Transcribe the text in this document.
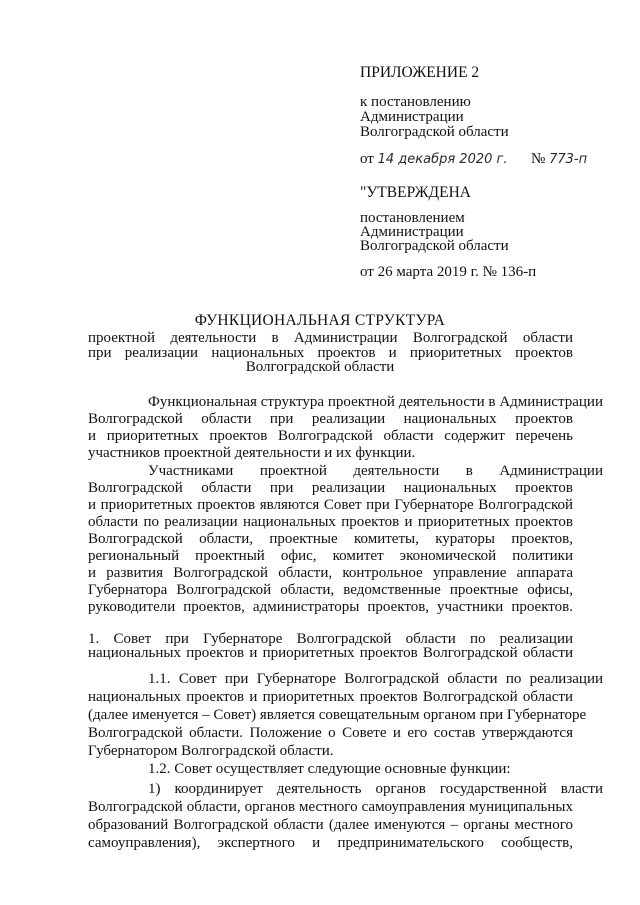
ПРИЛОЖЕНИЕ 2
к постановлению
Администрации
Волгоградской области
от 14 декабря 2020 г. № 773-п
"УТВЕРЖДЕНА
постановлением
Администрации
Волгоградской области
от 26 марта 2019 г. № 136-п
ФУНКЦИОНАЛЬНАЯ СТРУКТУРА
проектной деятельности в Администрации Волгоградской области
при реализации национальных проектов и приоритетных проектов
Волгоградской области
Функциональная структура проектной деятельности в Администрации
Волгоградской области при реализации национальных проектов
и приоритетных проектов Волгоградской области содержит перечень
участников проектной деятельности и их функции.
Участниками проектной деятельности в Администрации
Волгоградской области при реализации национальных проектов
и приоритетных проектов являются Совет при Губернаторе Волгоградской
области по реализации национальных проектов и приоритетных проектов
Волгоградской области, проектные комитеты, кураторы проектов,
региональный проектный офис, комитет экономической политики
и развития Волгоградской области, контрольное управление аппарата
Губернатора Волгоградской области, ведомственные проектные офисы,
руководители проектов, администраторы проектов, участники проектов.
1. Совет при Губернаторе Волгоградской области по реализации
национальных проектов и приоритетных проектов Волгоградской области
1.1. Совет при Губернаторе Волгоградской области по реализации
национальных проектов и приоритетных проектов Волгоградской области
(далее именуется – Совет) является совещательным органом при Губернаторе
Волгоградской области. Положение о Совете и его состав утверждаются
Губернатором Волгоградской области.
1.2. Совет осуществляет следующие основные функции:
1) координирует деятельность органов государственной власти
Волгоградской области, органов местного самоуправления муниципальных
образований Волгоградской области (далее именуются – органы местного
самоуправления), экспертного и предпринимательского сообществ,
